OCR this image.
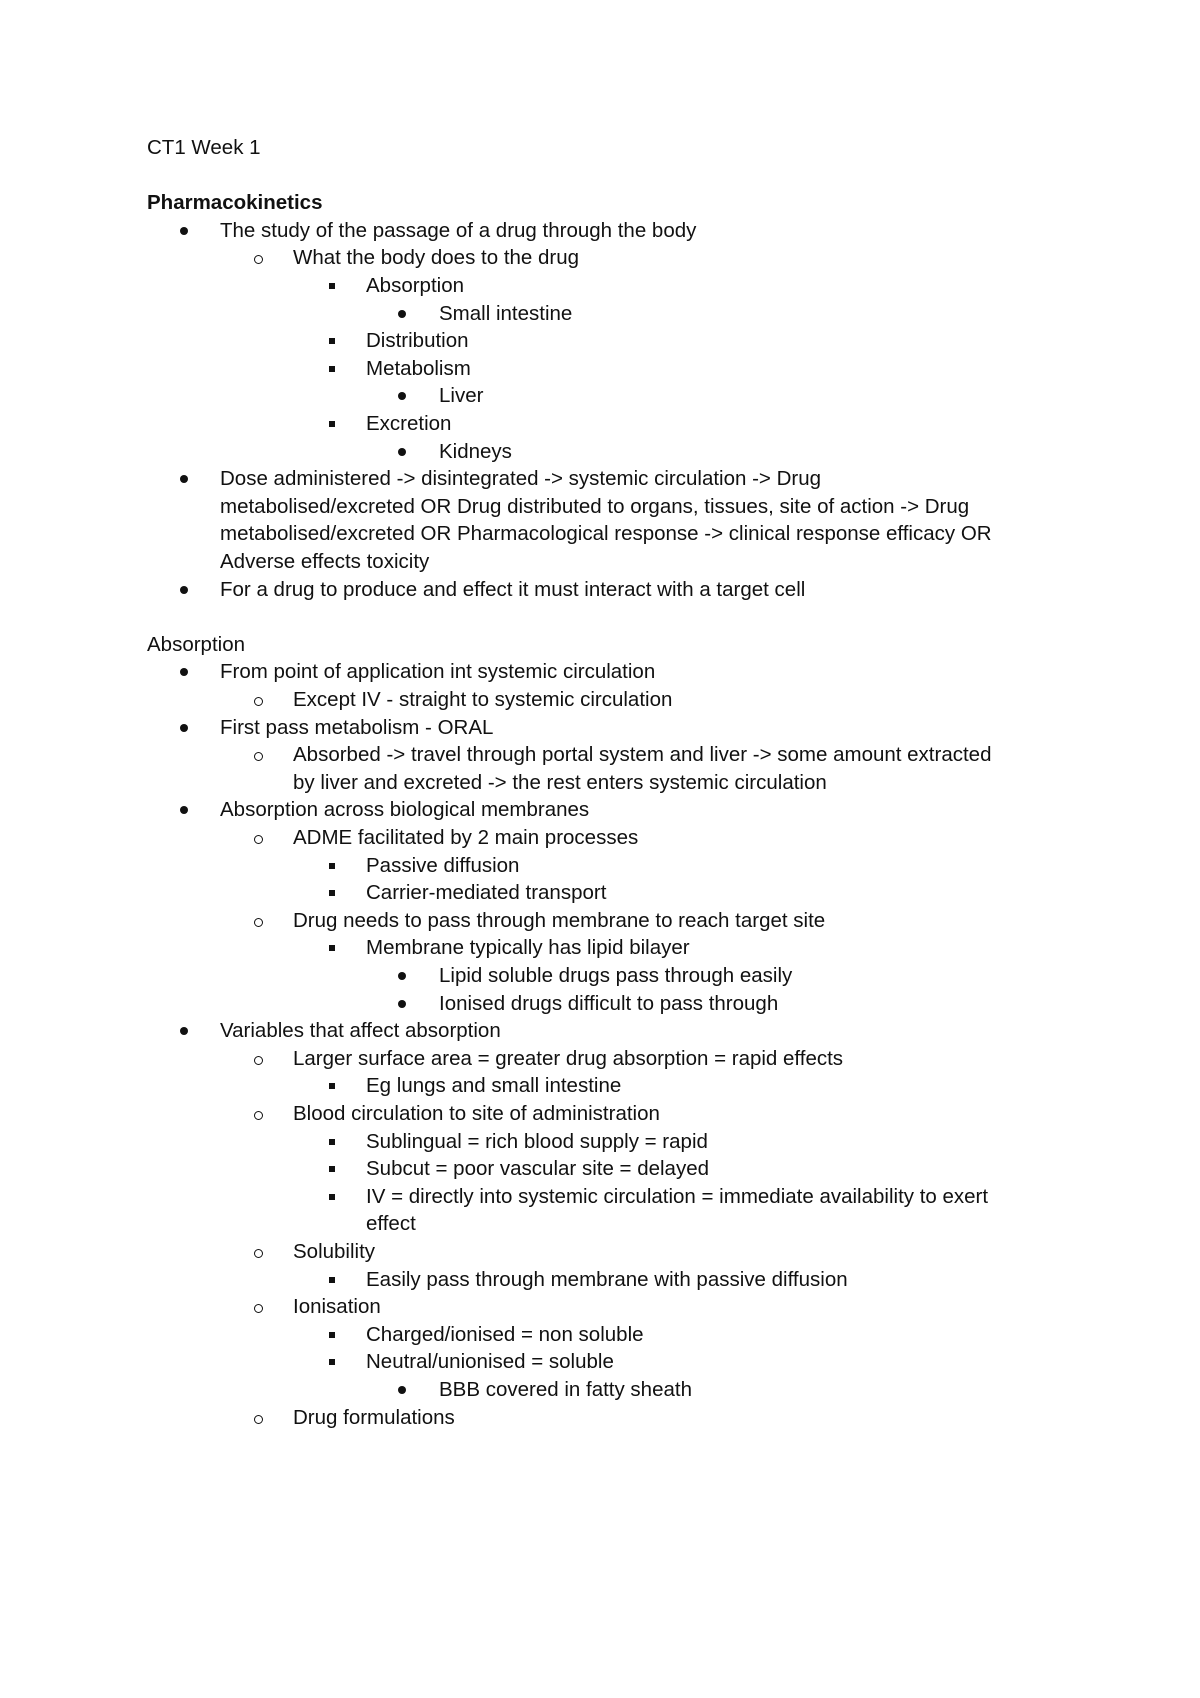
CT1 Week 1
Pharmacokinetics
The study of the passage of a drug through the body
What the body does to the drug
Absorption
Small intestine
Distribution
Metabolism
Liver
Excretion
Kidneys
Dose administered -> disintegrated -> systemic circulation -> Drug
metabolised/excreted OR Drug distributed to organs, tissues, site of action -> Drug
metabolised/excreted OR Pharmacological response -> clinical response efficacy OR
Adverse effects toxicity
For a drug to produce and effect it must interact with a target cell
Absorption
From point of application int systemic circulation
Except IV - straight to systemic circulation
First pass metabolism - ORAL
Absorbed -> travel through portal system and liver -> some amount extracted
by liver and excreted -> the rest enters systemic circulation
Absorption across biological membranes
ADME facilitated by 2 main processes
Passive diffusion
Carrier-mediated transport
Drug needs to pass through membrane to reach target site
Membrane typically has lipid bilayer
Lipid soluble drugs pass through easily
Ionised drugs difficult to pass through
Variables that affect absorption
Larger surface area = greater drug absorption = rapid effects
Eg lungs and small intestine
Blood circulation to site of administration
Sublingual = rich blood supply = rapid
Subcut = poor vascular site = delayed
IV = directly into systemic circulation = immediate availability to exert
effect
Solubility
Easily pass through membrane with passive diffusion
Ionisation
Charged/ionised = non soluble
Neutral/unionised = soluble
BBB covered in fatty sheath
Drug formulations
